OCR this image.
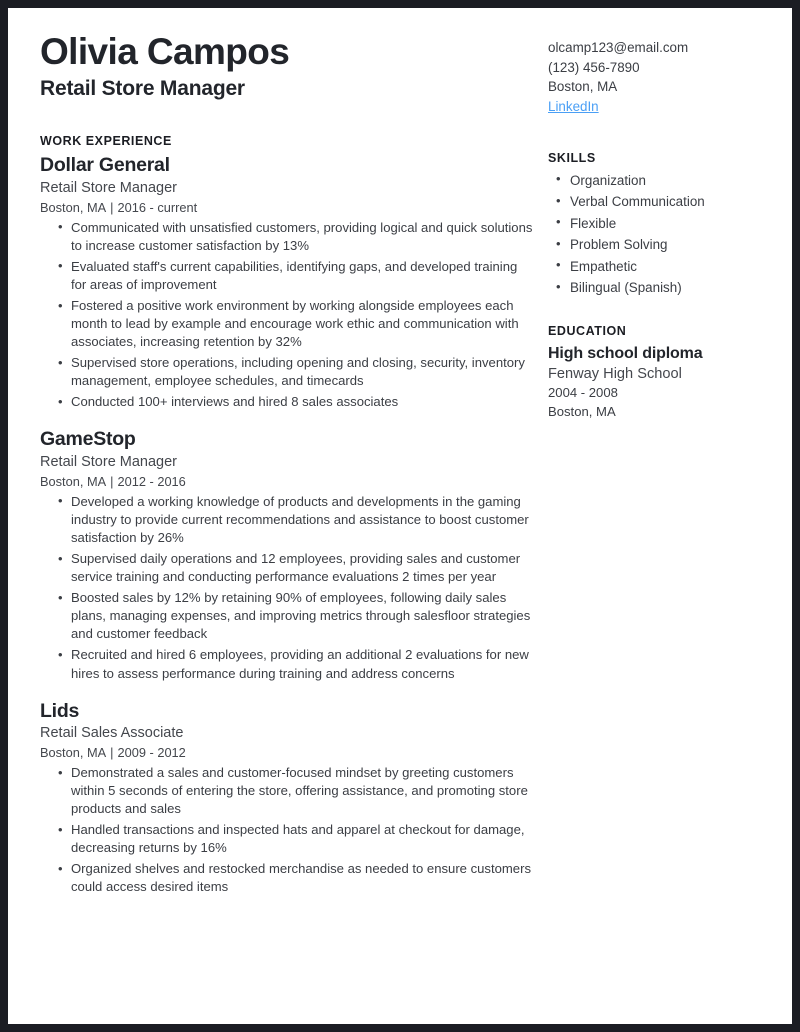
Olivia Campos
Retail Store Manager
WORK EXPERIENCE
Dollar General
Retail Store Manager
Boston, MA | 2016 - current
• Communicated with unsatisfied customers, providing logical and quick solutions to increase customer satisfaction by 13%
• Evaluated staff's current capabilities, identifying gaps, and developed training for areas of improvement
• Fostered a positive work environment by working alongside employees each month to lead by example and encourage work ethic and communication with associates, increasing retention by 32%
• Supervised store operations, including opening and closing, security, inventory management, employee schedules, and timecards
• Conducted 100+ interviews and hired 8 sales associates
GameStop
Retail Store Manager
Boston, MA | 2012 - 2016
• Developed a working knowledge of products and developments in the gaming industry to provide current recommendations and assistance to boost customer satisfaction by 26%
• Supervised daily operations and 12 employees, providing sales and customer service training and conducting performance evaluations 2 times per year
• Boosted sales by 12% by retaining 90% of employees, following daily sales plans, managing expenses, and improving metrics through salesfloor strategies and customer feedback
• Recruited and hired 6 employees, providing an additional 2 evaluations for new hires to assess performance during training and address concerns
Lids
Retail Sales Associate
Boston, MA | 2009 - 2012
• Demonstrated a sales and customer-focused mindset by greeting customers within 5 seconds of entering the store, offering assistance, and promoting store products and sales
• Handled transactions and inspected hats and apparel at checkout for damage, decreasing returns by 16%
• Organized shelves and restocked merchandise as needed to ensure customers could access desired items
olcamp123@email.com
(123) 456-7890
Boston, MA
LinkedIn
SKILLS
• Organization
• Verbal Communication
• Flexible
• Problem Solving
• Empathetic
• Bilingual (Spanish)
EDUCATION
High school diploma
Fenway High School
2004 - 2008
Boston, MA
